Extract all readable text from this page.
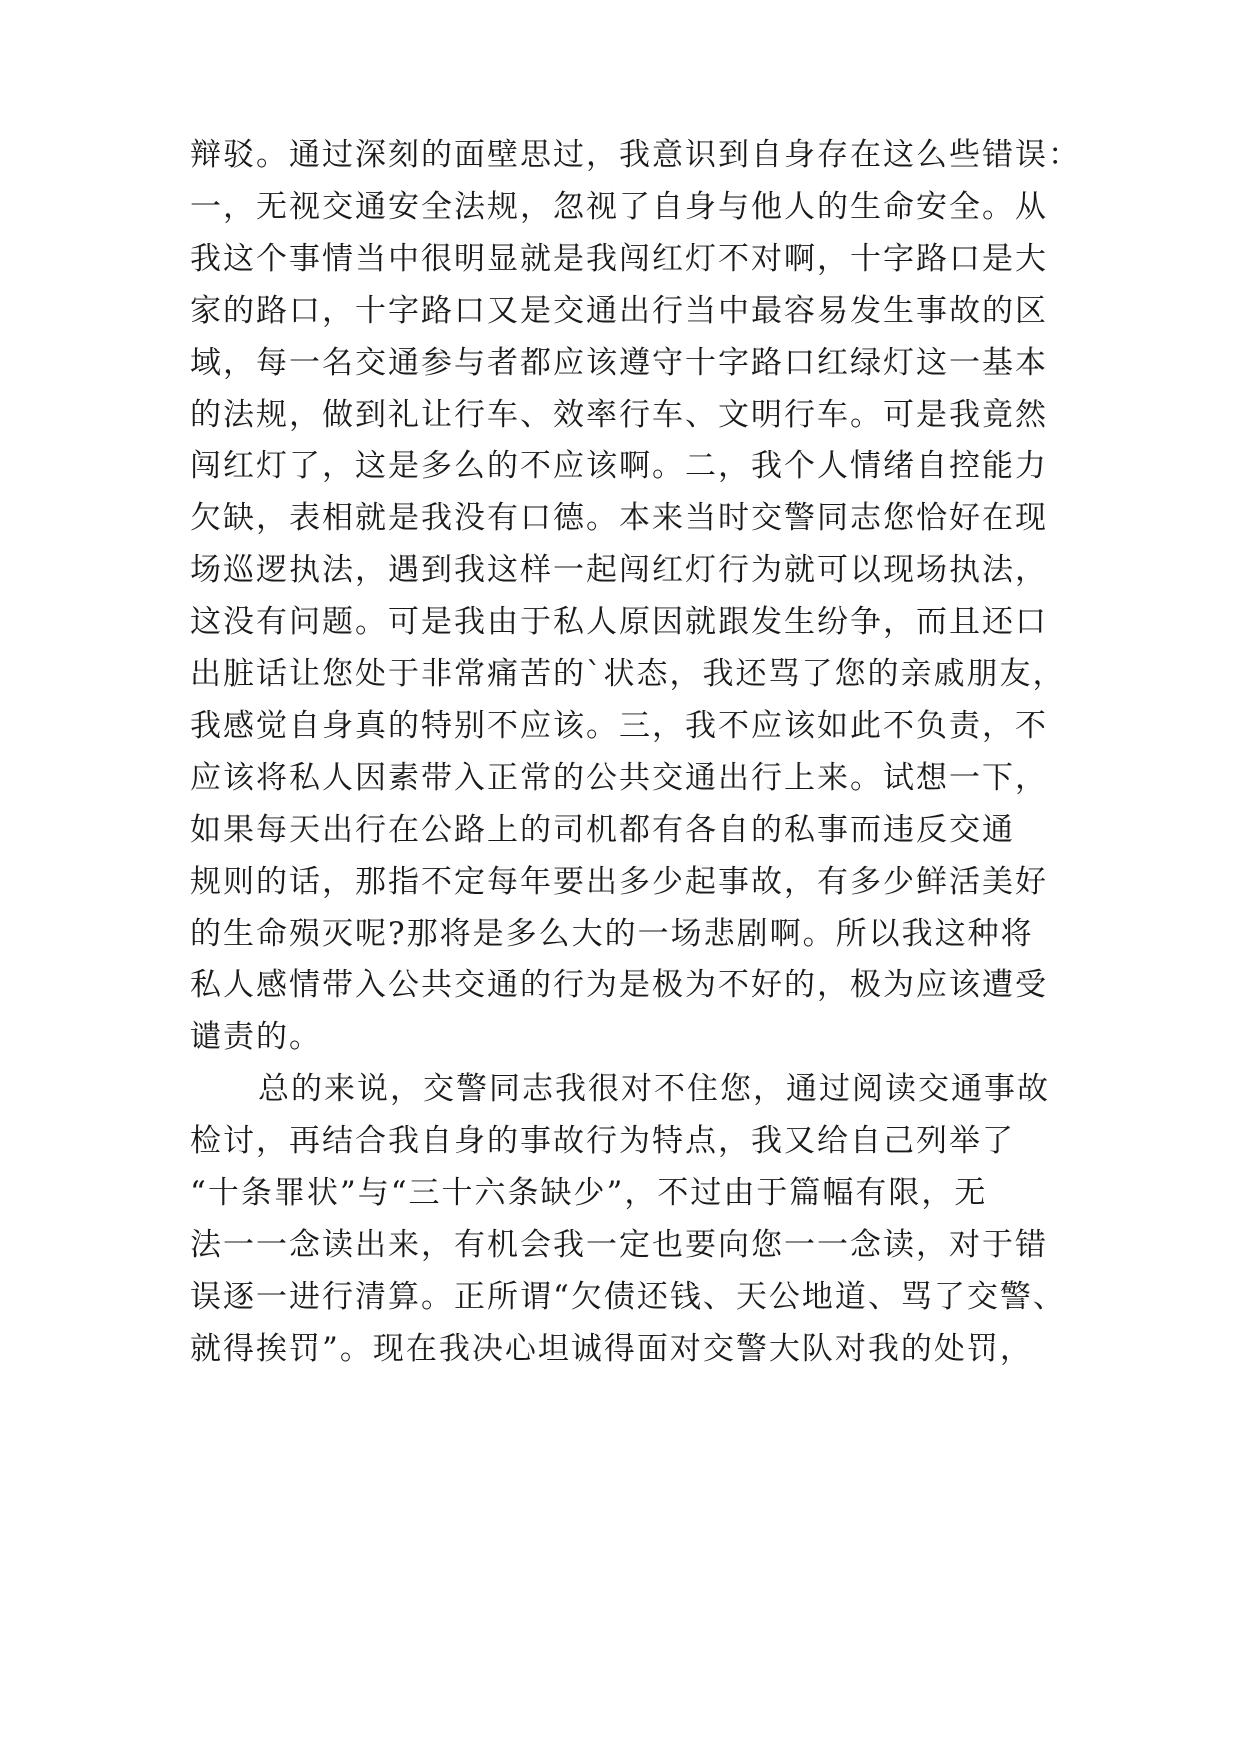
辩驳。通过深刻的面壁思过，我意识到自身存在这么些错误：
一，无视交通安全法规，忽视了自身与他人的生命安全。从
我这个事情当中很明显就是我闯红灯不对啊，十字路口是大
家的路口，十字路口又是交通出行当中最容易发生事故的区
域，每一名交通参与者都应该遵守十字路口红绿灯这一基本
的法规，做到礼让行车、效率行车、文明行车。可是我竟然
闯红灯了，这是多么的不应该啊。二，我个人情绪自控能力
欠缺，表相就是我没有口德。本来当时交警同志您恰好在现
场巡逻执法，遇到我这样一起闯红灯行为就可以现场执法，
这没有问题。可是我由于私人原因就跟发生纷争，而且还口
出脏话让您处于非常痛苦的`状态，我还骂了您的亲戚朋友，
我感觉自身真的特别不应该。三，我不应该如此不负责，不
应该将私人因素带入正常的公共交通出行上来。试想一下，
如果每天出行在公路上的司机都有各自的私事而违反交通
规则的话，那指不定每年要出多少起事故，有多少鲜活美好
的生命殒灭呢?那将是多么大的一场悲剧啊。所以我这种将
私人感情带入公共交通的行为是极为不好的，极为应该遭受
谴责的。
总的来说，交警同志我很对不住您，通过阅读交通事故
检讨，再结合我自身的事故行为特点，我又给自己列举了
“十条罪状”与“三十六条缺少”，不过由于篇幅有限，无
法一一念读出来，有机会我一定也要向您一一念读，对于错
误逐一进行清算。正所谓“欠债还钱、天公地道、骂了交警、
就得挨罚”。现在我决心坦诚得面对交警大队对我的处罚，
